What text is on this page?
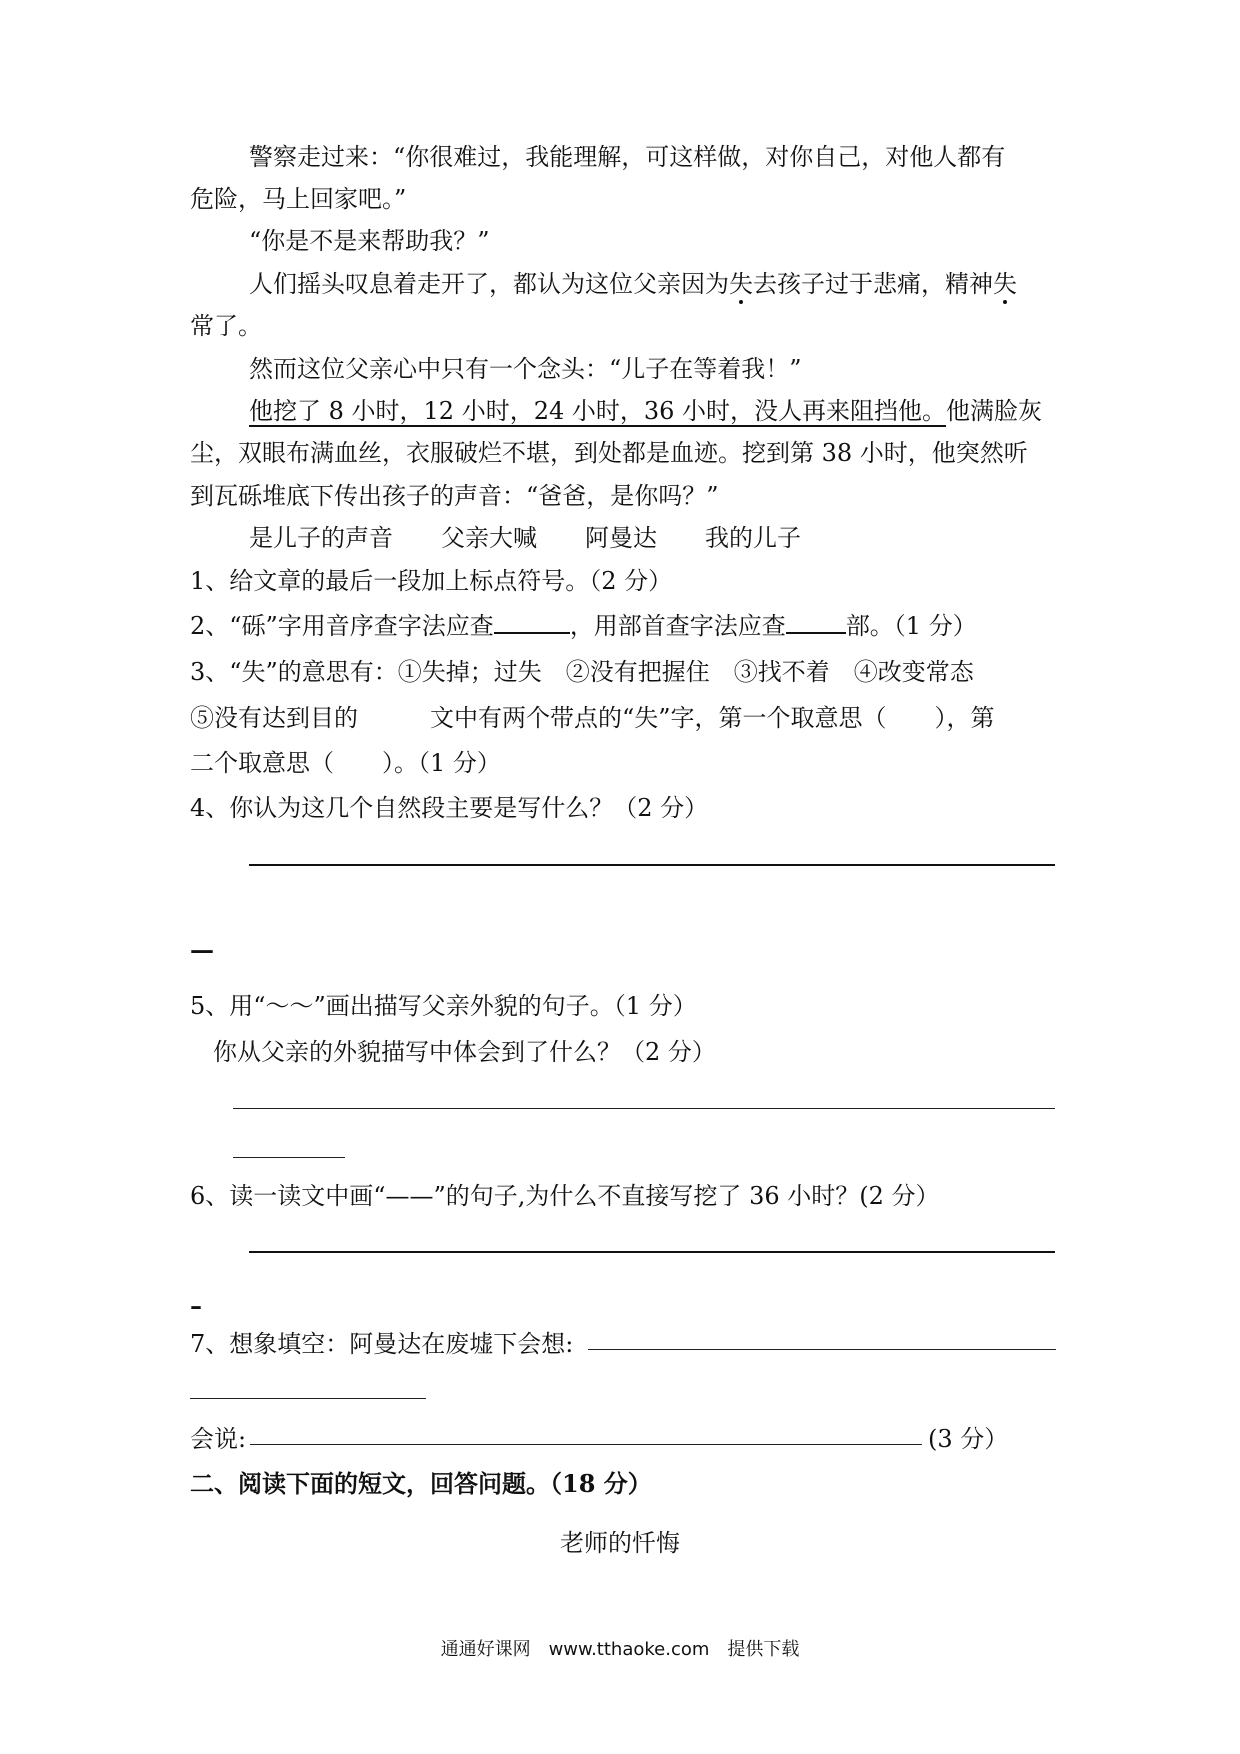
警察走过来：“你很难过，我能理解，可这样做，对你自己，对他人都有
危险，马上回家吧。”
“你是不是来帮助我？”
人们摇头叹息着走开了，都认为这位父亲因为失去孩子过于悲痛，精神失
常了。
然而这位父亲心中只有一个念头：“儿子在等着我！”
他挖了 8 小时，12 小时，24 小时，36 小时，没人再来阻挡他。他满脸灰
尘，双眼布满血丝，衣服破烂不堪，到处都是血迹。挖到第 38 小时，他突然听
到瓦砾堆底下传出孩子的声音：“爸爸，是你吗？”
是儿子的声音 父亲大喊 阿曼达 我的儿子
1、给文章的最后一段加上标点符号。（2 分）
2、“砾”字用音序查字法应查	，用部首查字法应查	部。（1 分）
3、“失”的意思有：①失掉；过失　②没有把握住　③找不着　④改变常态
⑤没有达到目的　　　文中有两个带点的“失”字，第一个取意思（　　），第
二个取意思（　　）。（1 分）
4、你认为这几个自然段主要是写什么？（2 分）
—
5、用“～～”画出描写父亲外貌的句子。（1 分）
你从父亲的外貌描写中体会到了什么？（2 分）
6、读一读文中画“——”的句子,为什么不直接写挖了 36 小时？(2 分）
–
7、想象填空：阿曼达在废墟下会想:
会说:	(3 分）
二、阅读下面的短文，回答问题。（18 分）
老师的忏悔
通通好课网　www.tthaoke.com　提供下载
